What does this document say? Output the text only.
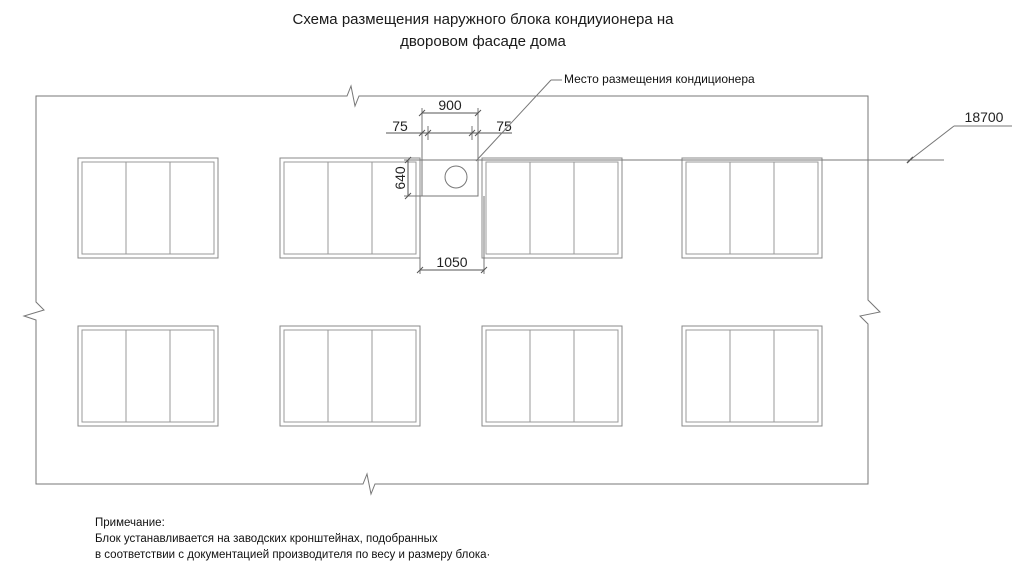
Схема размещения наружного блока кондиуионера на
дворовом фасаде дома
900
75	75
640
1050
Место размещения кондиционера
18700
Примечание:
Блок устанавливается на заводских кронштейнах, подобранных
в соответствии с документацией производителя по весу и размеру блока·
